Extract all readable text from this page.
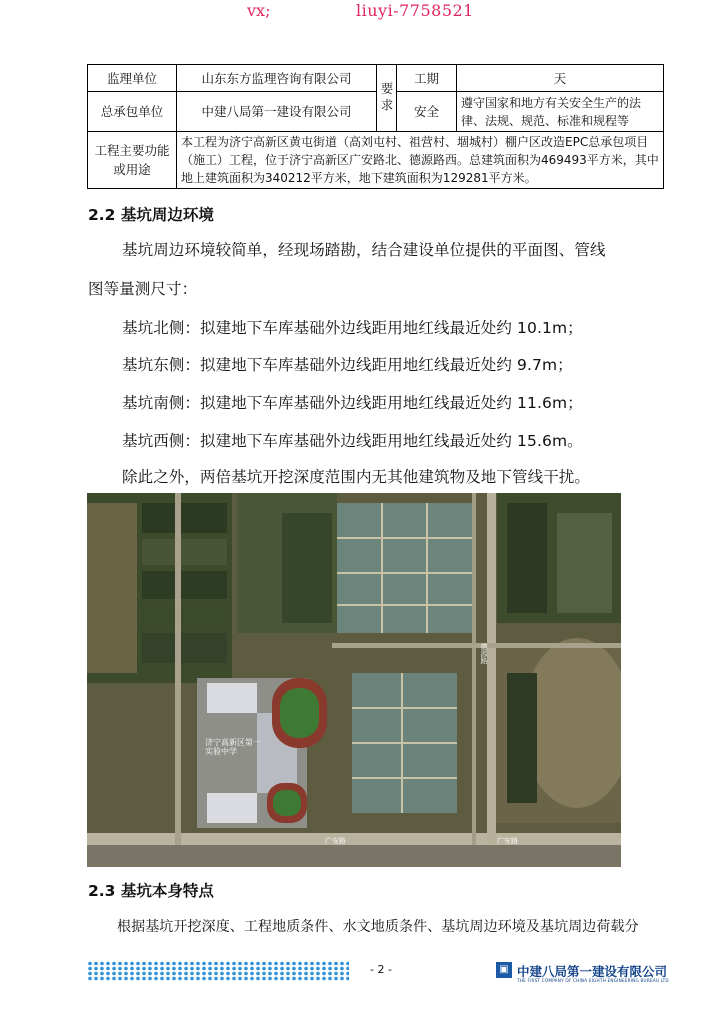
vx;	liuyi-7758521
监理单位	山东东方监理咨询有限公司	要求	工期	天
总承包单位	中建八局第一建设有限公司		安全	遵守国家和地方有关安全生产的法律、法规、规范、标准和规程等
工程主要功能或用途	本工程为济宁高新区黄屯街道（高刘屯村、祖营村、堌城村）棚户区改造EPC总承包项目（施工）工程，位于济宁高新区广安路北、德源路西。总建筑面积为469493平方米，其中地上建筑面积为340212平方米，地下建筑面积为129281平方米。			
2.2 基坑周边环境
基坑周边环境较简单，经现场踏勘，结合建设单位提供的平面图、管线
图等量测尺寸：
基坑北侧：拟建地下车库基础外边线距用地红线最近处约 10.1m；
基坑东侧：拟建地下车库基础外边线距用地红线最近处约 9.7m；
基坑南侧：拟建地下车库基础外边线距用地红线最近处约 11.6m；
基坑西侧：拟建地下车库基础外边线距用地红线最近处约 15.6m。
除此之外，两倍基坑开挖深度范围内无其他建筑物及地下管线干扰。
济宁高新区第一实验中学
广安路	广安路
德源路
2.3 基坑本身特点
根据基坑开挖深度、工程地质条件、水文地质条件、基坑周边环境及基坑周边荷载分
- 2 -	▣ 中建八局第一建设有限公司
THE FIRST COMPANY OF CHINA EIGHTH ENGINEERING BUREAU LTD
